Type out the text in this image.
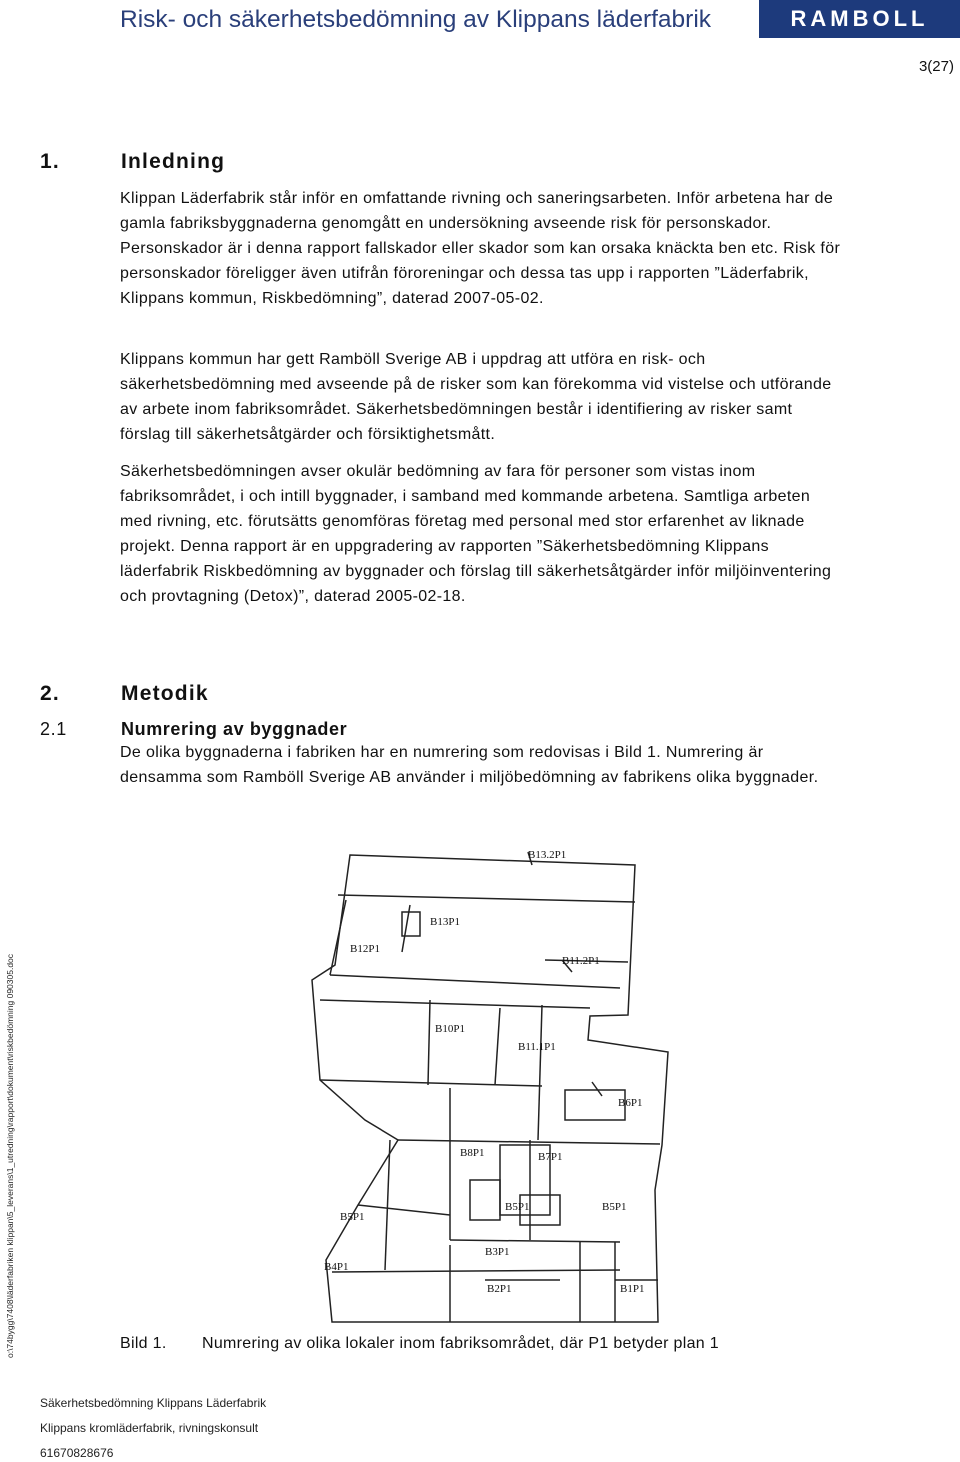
Risk- och säkerhetsbedömning av Klippans läderfabrik	RAMBOLL
3(27)
1.	Inledning
Klippan Läderfabrik står inför en omfattande rivning och saneringsarbeten. Inför arbetena har de gamla fabriksbyggnaderna genomgått en undersökning avseende risk för personskador. Personskador är i denna rapport fallskador eller skador som kan orsaka knäckta ben etc. Risk för personskador föreligger även utifrån föroreningar och dessa tas upp i rapporten ”Läderfabrik, Klippans kommun, Riskbedömning”, daterad 2007-05-02.
Klippans kommun har gett Ramböll Sverige AB i uppdrag att utföra en risk- och säkerhetsbedömning med avseende på de risker som kan förekomma vid vistelse och utförande av arbete inom fabriksområdet. Säkerhetsbedömningen består i identifiering av risker samt förslag till säkerhetsåtgärder och försiktighetsmått.
Säkerhetsbedömningen avser okulär bedömning av fara för personer som vistas inom fabriksområdet, i och intill byggnader, i samband med kommande arbetena. Samtliga arbeten med rivning, etc. förutsätts genomföras företag med personal med stor erfarenhet av liknade projekt. Denna rapport är en uppgradering av rapporten ”Säkerhetsbedömning Klippans läderfabrik Riskbedömning av byggnader och förslag till säkerhetsåtgärder inför miljöinventering och provtagning (Detox)”, daterad 2005-02-18.
2.	Metodik
2.1	Numrering av byggnader
De olika byggnaderna i fabriken har en numrering som redovisas i Bild 1. Numrering är densamma som Ramböll Sverige AB använder i miljöbedömning av fabrikens olika byggnader.
B13.2P1
B13P1
B12P1
B11.2P1
B10P1
B11.1P1
B6P1
B8P1	B7P1
B5P1
B5P1	B5P1
B3P1
B4P1
B2P1	B1P1
Bild 1. Numrering av olika lokaler inom fabriksområdet, där P1 betyder plan 1
o:\74bygg\7408\läderfabriken klippan\5_leverans\1_utredning\rapport\dokument\riskbedömning 090305.doc
Säkerhetsbedömning Klippans Läderfabrik
Klippans kromläderfabrik, rivningskonsult
61670828676
